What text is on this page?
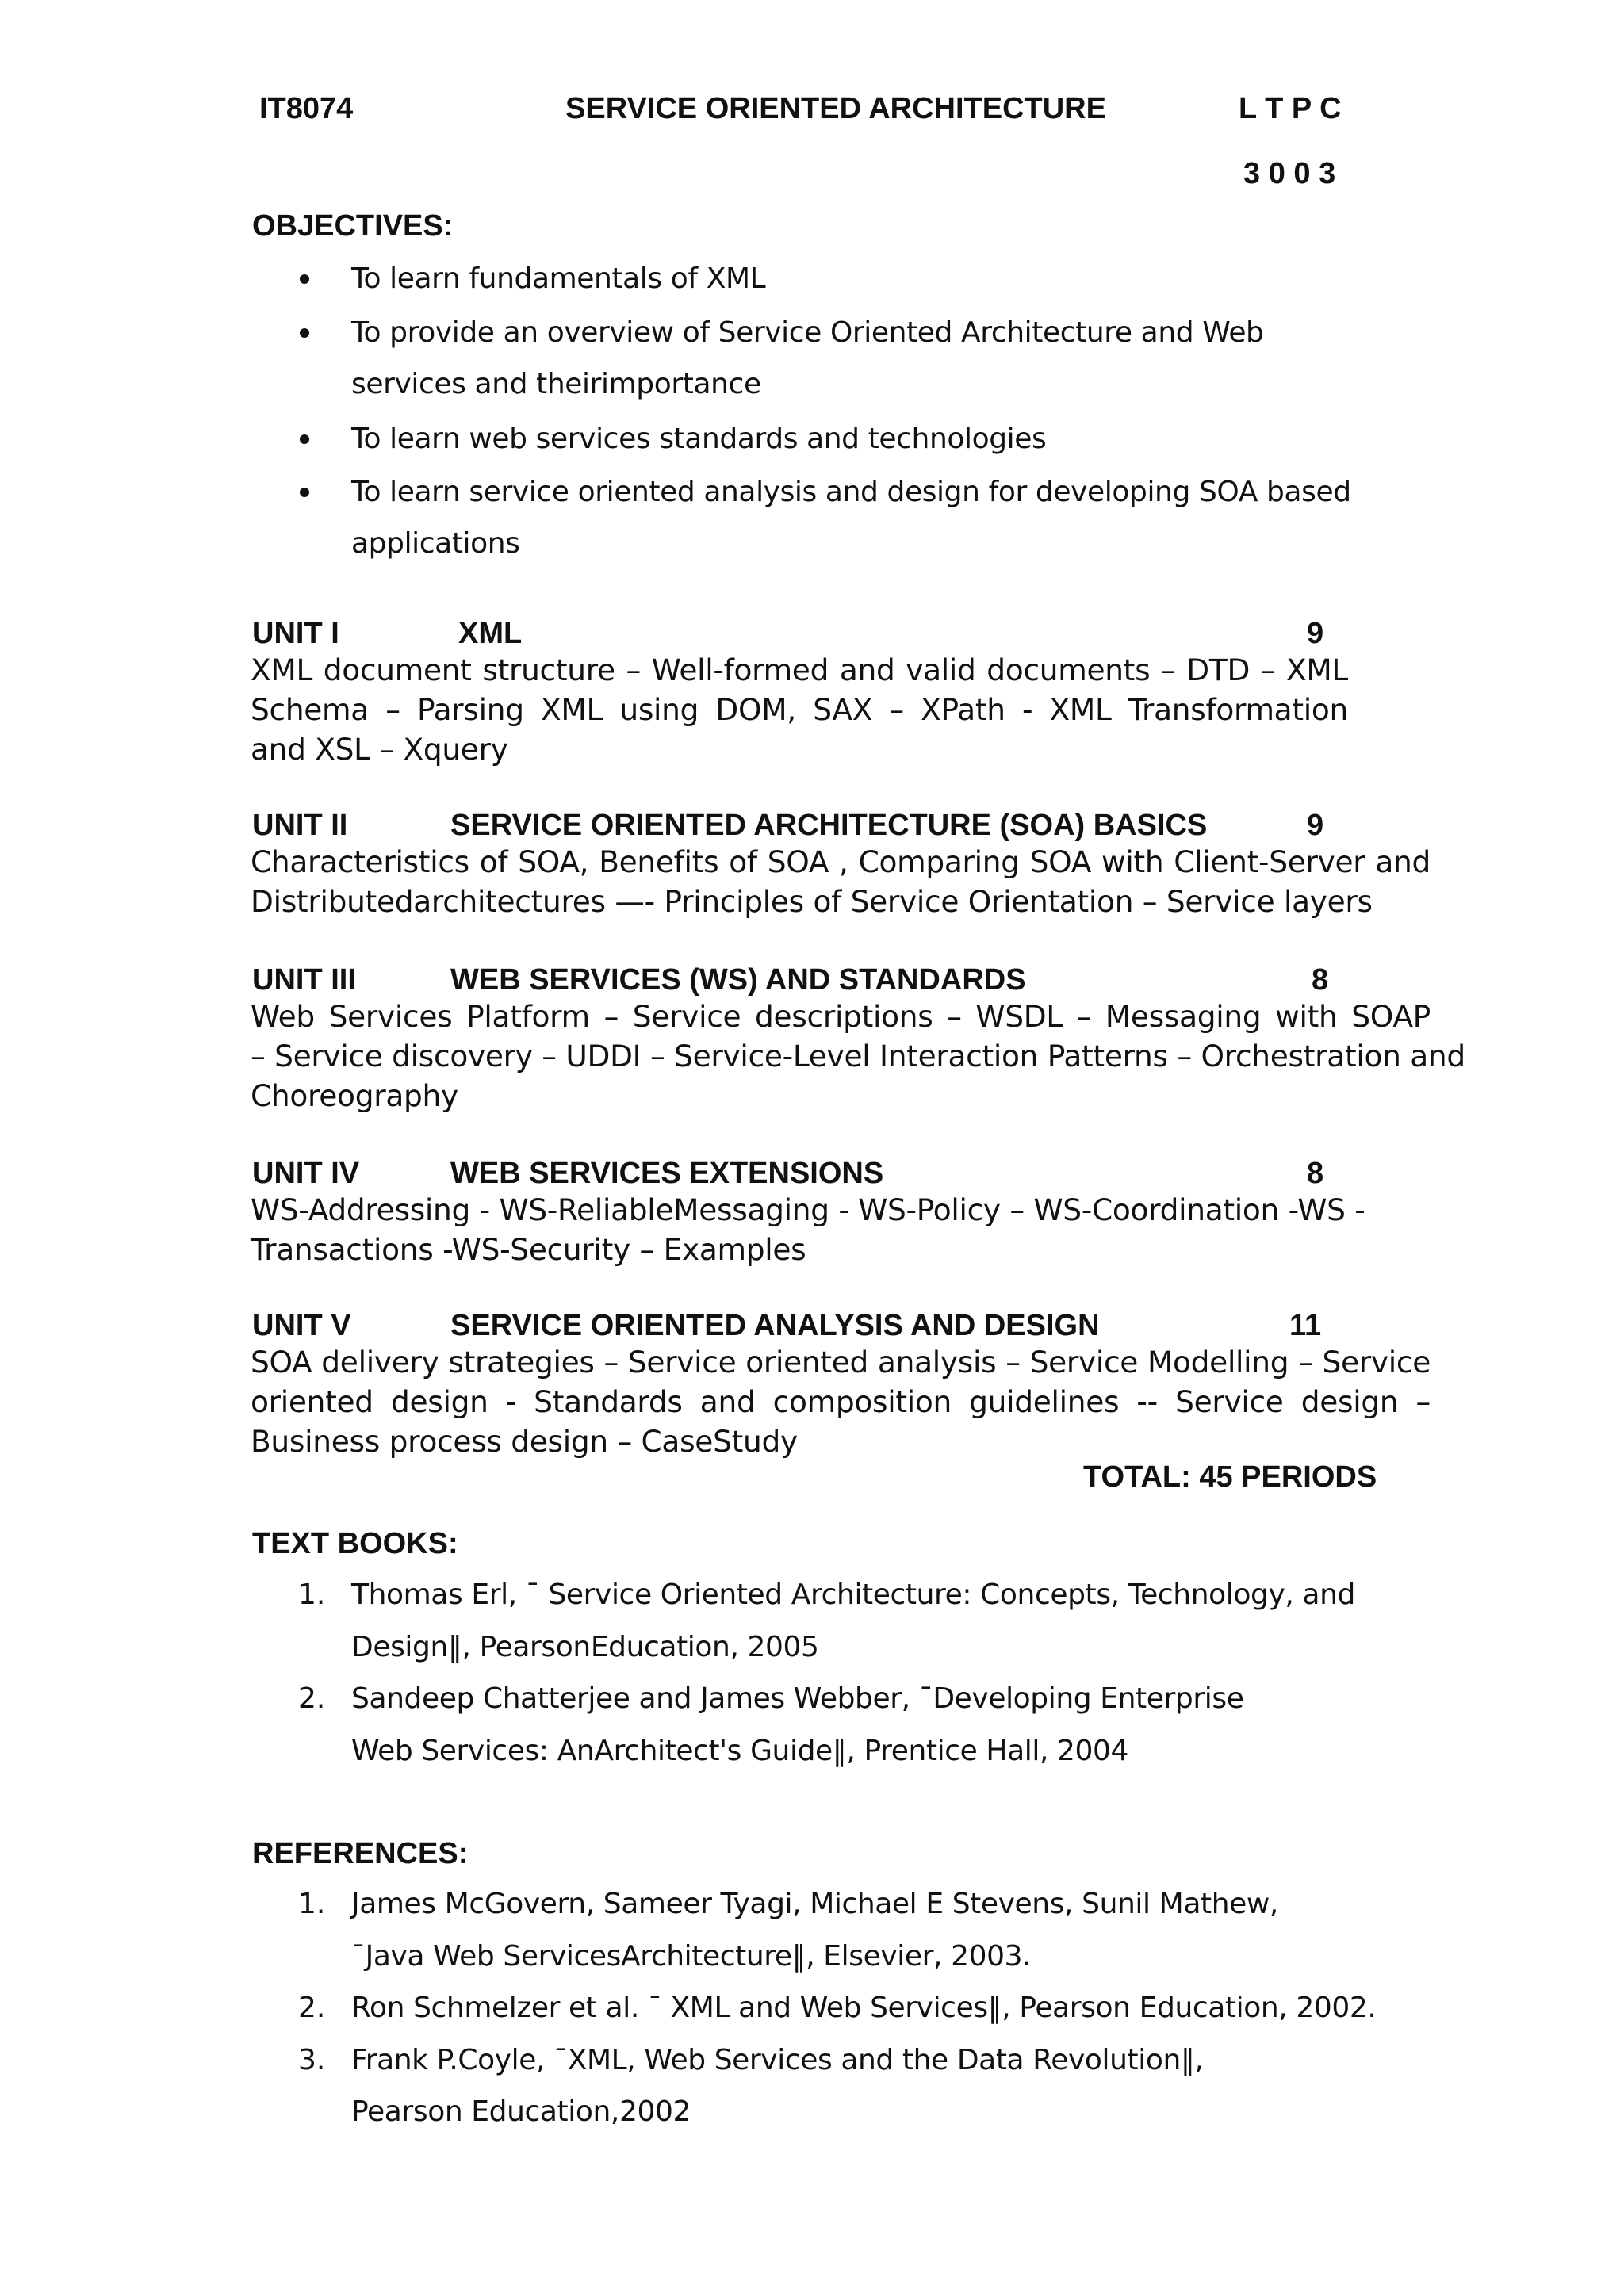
IT8074	SERVICE ORIENTED ARCHITECTURE	L T P C
3 0 0 3
OBJECTIVES:
To learn fundamentals of XML
To provide an overview of Service Oriented Architecture and Web
services and theirimportance
To learn web services standards and technologies
To learn service oriented analysis and design for developing SOA based
applications
UNIT I	XML	9
XML document structure – Well-formed and valid documents – DTD – XML
Schema – Parsing XML using DOM, SAX – XPath - XML Transformation
and XSL – Xquery
UNIT II	SERVICE ORIENTED ARCHITECTURE (SOA) BASICS	9
Characteristics of SOA, Benefits of SOA , Comparing SOA with Client-Server and
Distributedarchitectures —- Principles of Service Orientation – Service layers
UNIT III	WEB SERVICES (WS) AND STANDARDS	8
Web Services Platform – Service descriptions – WSDL – Messaging with SOAP
– Service discovery – UDDI – Service-Level Interaction Patterns – Orchestration and
Choreography
UNIT IV	WEB SERVICES EXTENSIONS	8
WS-Addressing - WS-ReliableMessaging - WS-Policy – WS-Coordination -WS -
Transactions -WS-Security – Examples
UNIT V	SERVICE ORIENTED ANALYSIS AND DESIGN	11
SOA delivery strategies – Service oriented analysis – Service Modelling – Service
oriented design - Standards and composition guidelines -- Service design –
Business process design – CaseStudy
TOTAL: 45 PERIODS
TEXT BOOKS:
1. Thomas Erl, ¯ Service Oriented Architecture: Concepts, Technology, and
Design‖, PearsonEducation, 2005
2. Sandeep Chatterjee and James Webber, ¯Developing Enterprise
Web Services: AnArchitect's Guide‖, Prentice Hall, 2004
REFERENCES:
1. James McGovern, Sameer Tyagi, Michael E Stevens, Sunil Mathew,
¯Java Web ServicesArchitecture‖, Elsevier, 2003.
2. Ron Schmelzer et al. ¯ XML and Web Services‖, Pearson Education, 2002.
3. Frank P.Coyle, ¯XML, Web Services and the Data Revolution‖,
Pearson Education,2002
